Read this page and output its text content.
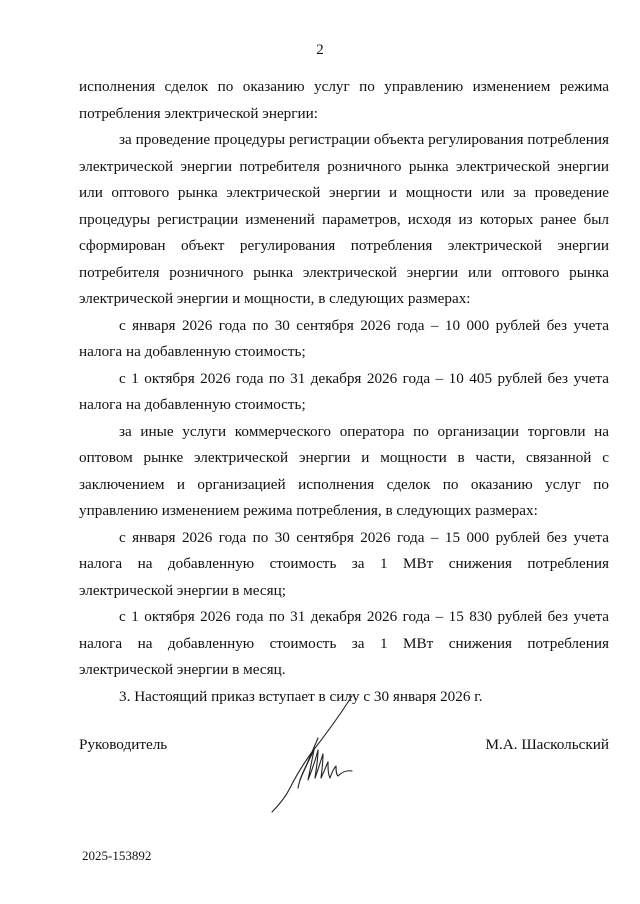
2

исполнения сделок по оказанию услуг по управлению изменением режима потребления электрической энергии:

за проведение процедуры регистрации объекта регулирования потребления электрической энергии потребителя розничного рынка электрической энергии или оптового рынка электрической энергии и мощности или за проведение процедуры регистрации изменений параметров, исходя из которых ранее был сформирован объект регулирования потребления электрической энергии потребителя розничного рынка электрической энергии или оптового рынка электрической энергии и мощности, в следующих размерах:

с января 2026 года по 30 сентября 2026 года – 10 000 рублей без учета налога на добавленную стоимость;

с 1 октября 2026 года по 31 декабря 2026 года – 10 405 рублей без учета налога на добавленную стоимость;

за иные услуги коммерческого оператора по организации торговли на оптовом рынке электрической энергии и мощности в части, связанной с заключением и организацией исполнения сделок по оказанию услуг по управлению изменением режима потребления, в следующих размерах:

с января 2026 года по 30 сентября 2026 года – 15 000 рублей без учета налога на добавленную стоимость за 1 МВт снижения потребления электрической энергии в месяц;

с 1 октября 2026 года по 31 декабря 2026 года – 15 830 рублей без учета налога на добавленную стоимость за 1 МВт снижения потребления электрической энергии в месяц.

3. Настоящий приказ вступает в силу с 30 января 2026 г.

Руководитель	М.А. Шаскольский
2025-153892
